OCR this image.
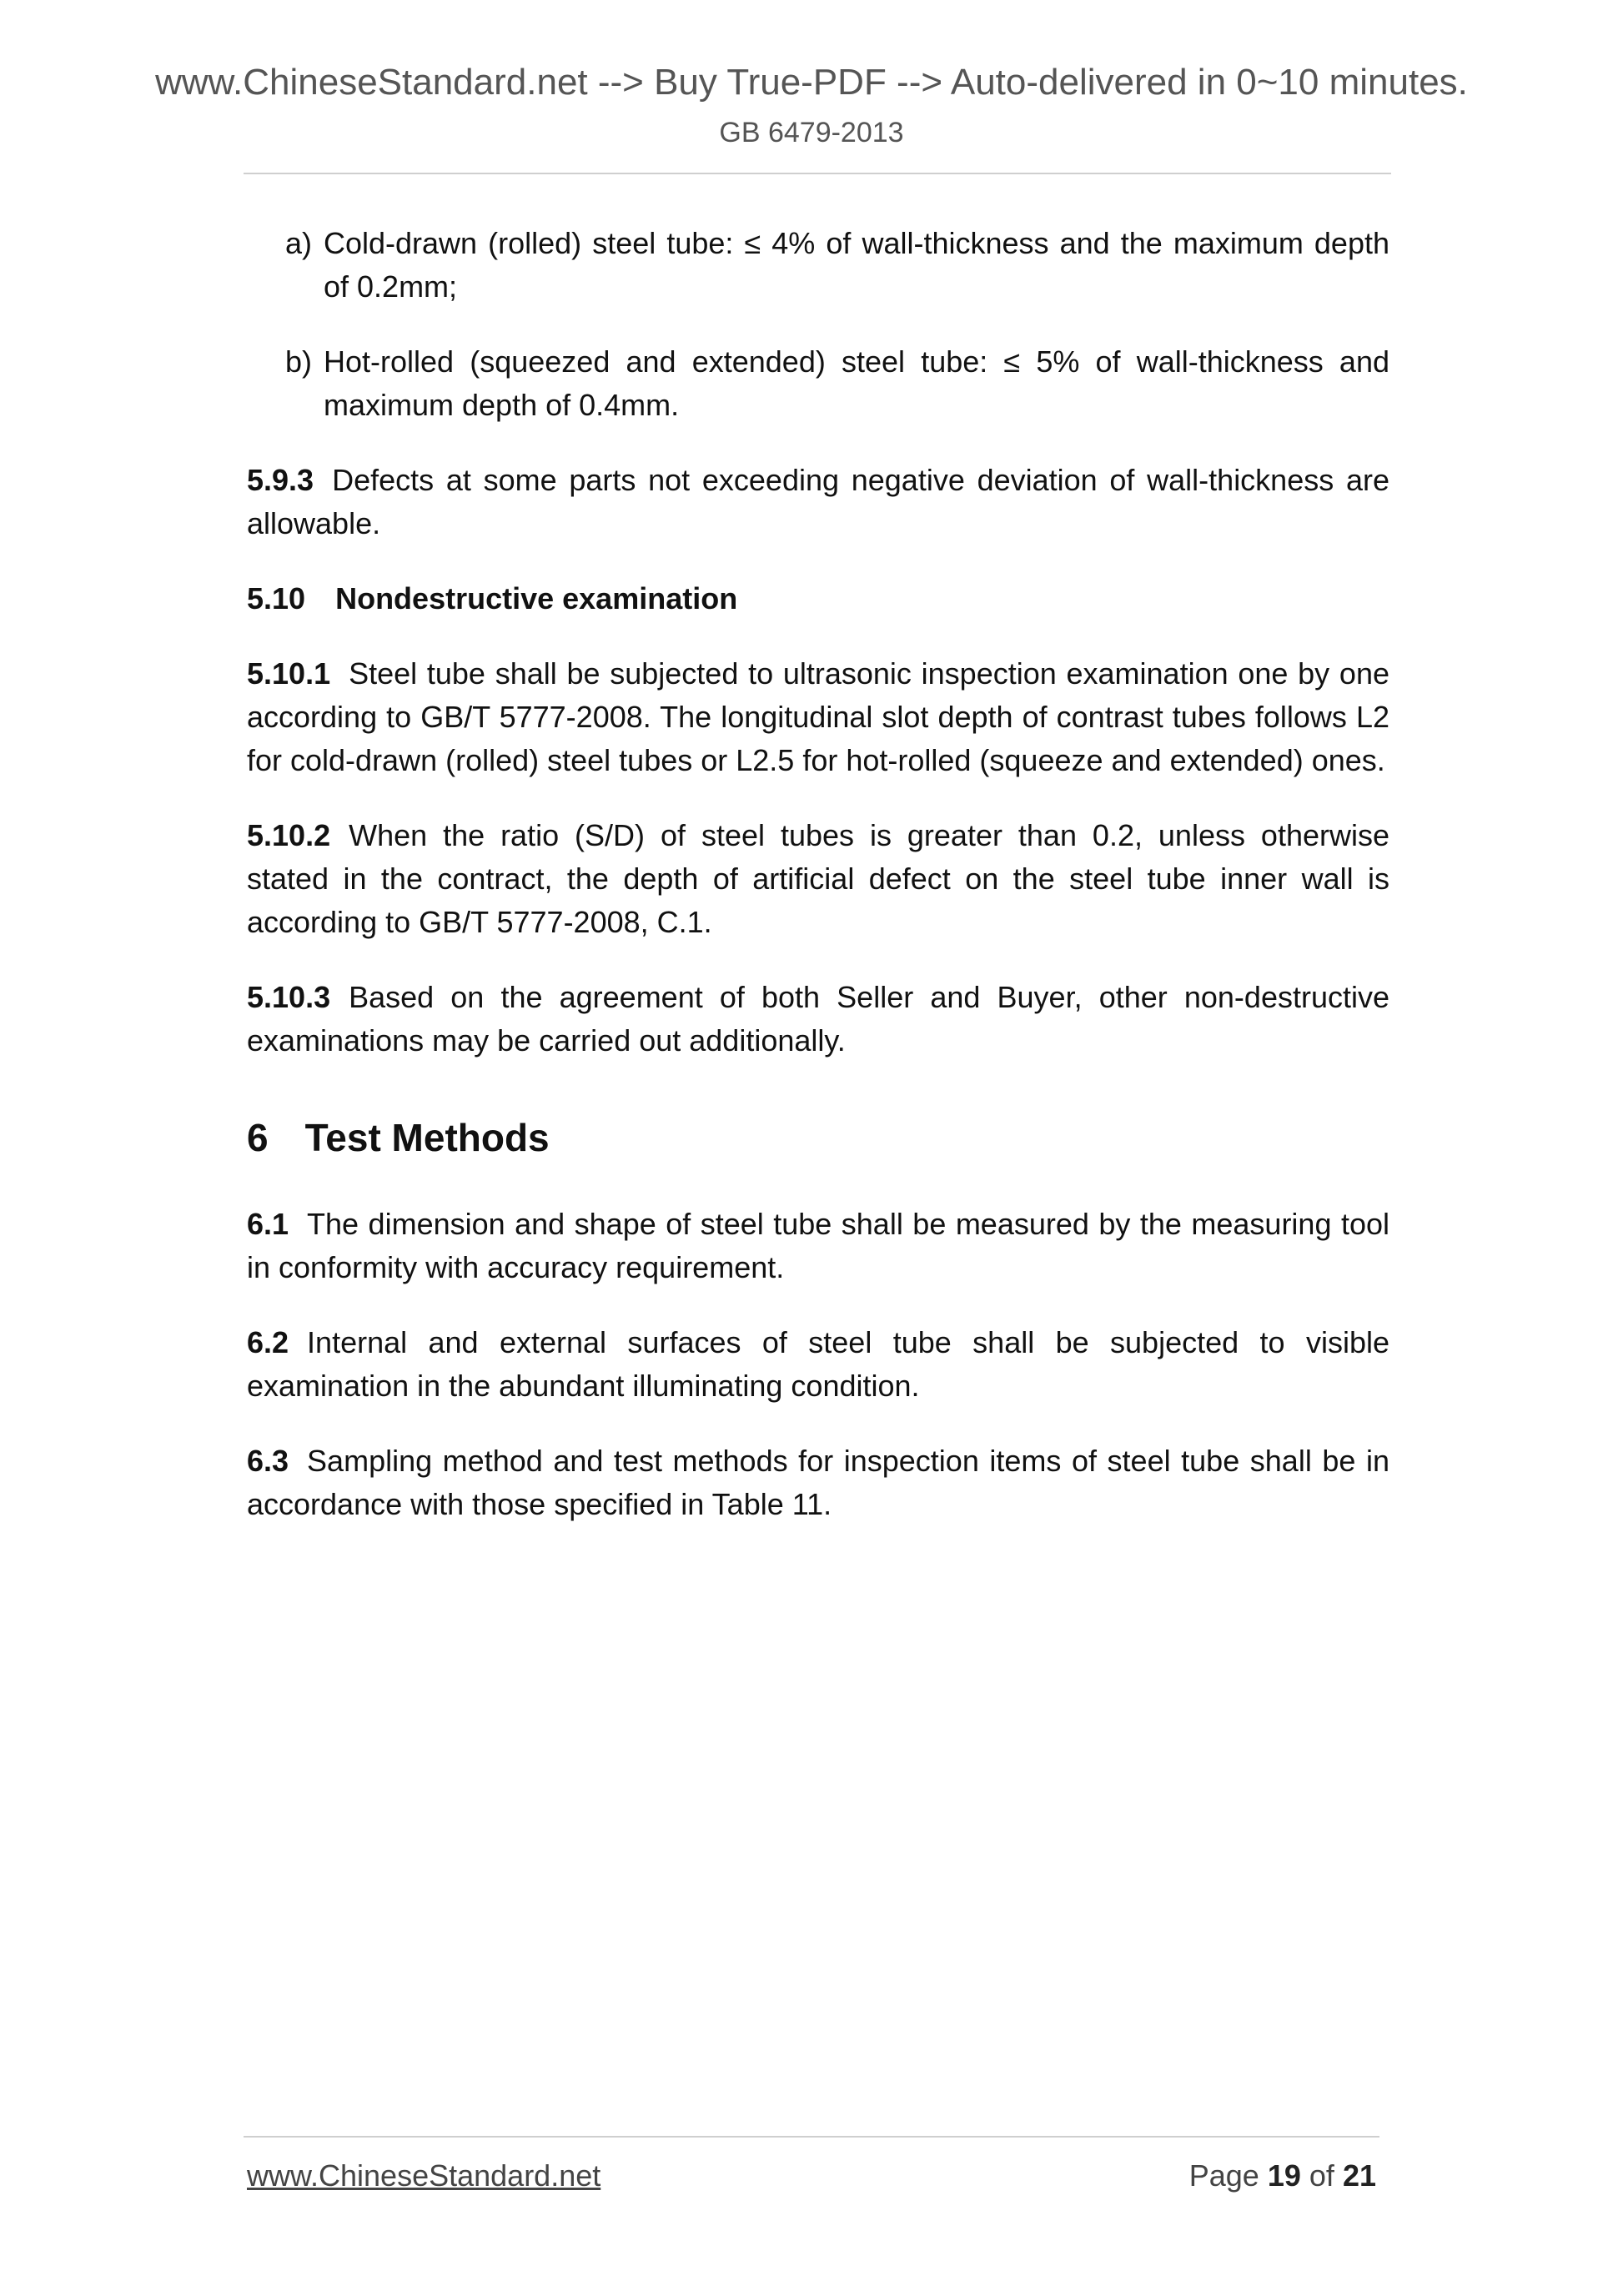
www.ChineseStandard.net --> Buy True-PDF --> Auto-delivered in 0~10 minutes.
GB 6479-2013

a) Cold-drawn (rolled) steel tube: ≤ 4% of wall-thickness and the maximum depth of 0.2mm;

b) Hot-rolled (squeezed and extended) steel tube: ≤ 5% of wall-thickness and maximum depth of 0.4mm.

5.9.3 Defects at some parts not exceeding negative deviation of wall-thickness are allowable.

5.10 Nondestructive examination

5.10.1 Steel tube shall be subjected to ultrasonic inspection examination one by one according to GB/T 5777-2008. The longitudinal slot depth of contrast tubes follows L2 for cold-drawn (rolled) steel tubes or L2.5 for hot-rolled (squeeze and extended) ones.

5.10.2 When the ratio (S/D) of steel tubes is greater than 0.2, unless otherwise stated in the contract, the depth of artificial defect on the steel tube inner wall is according to GB/T 5777-2008, C.1.

5.10.3 Based on the agreement of both Seller and Buyer, other non-destructive examinations may be carried out additionally.

6 Test Methods

6.1 The dimension and shape of steel tube shall be measured by the measuring tool in conformity with accuracy requirement.

6.2 Internal and external surfaces of steel tube shall be subjected to visible examination in the abundant illuminating condition.

6.3 Sampling method and test methods for inspection items of steel tube shall be in accordance with those specified in Table 11.

www.ChineseStandard.net	Page 19 of 21
